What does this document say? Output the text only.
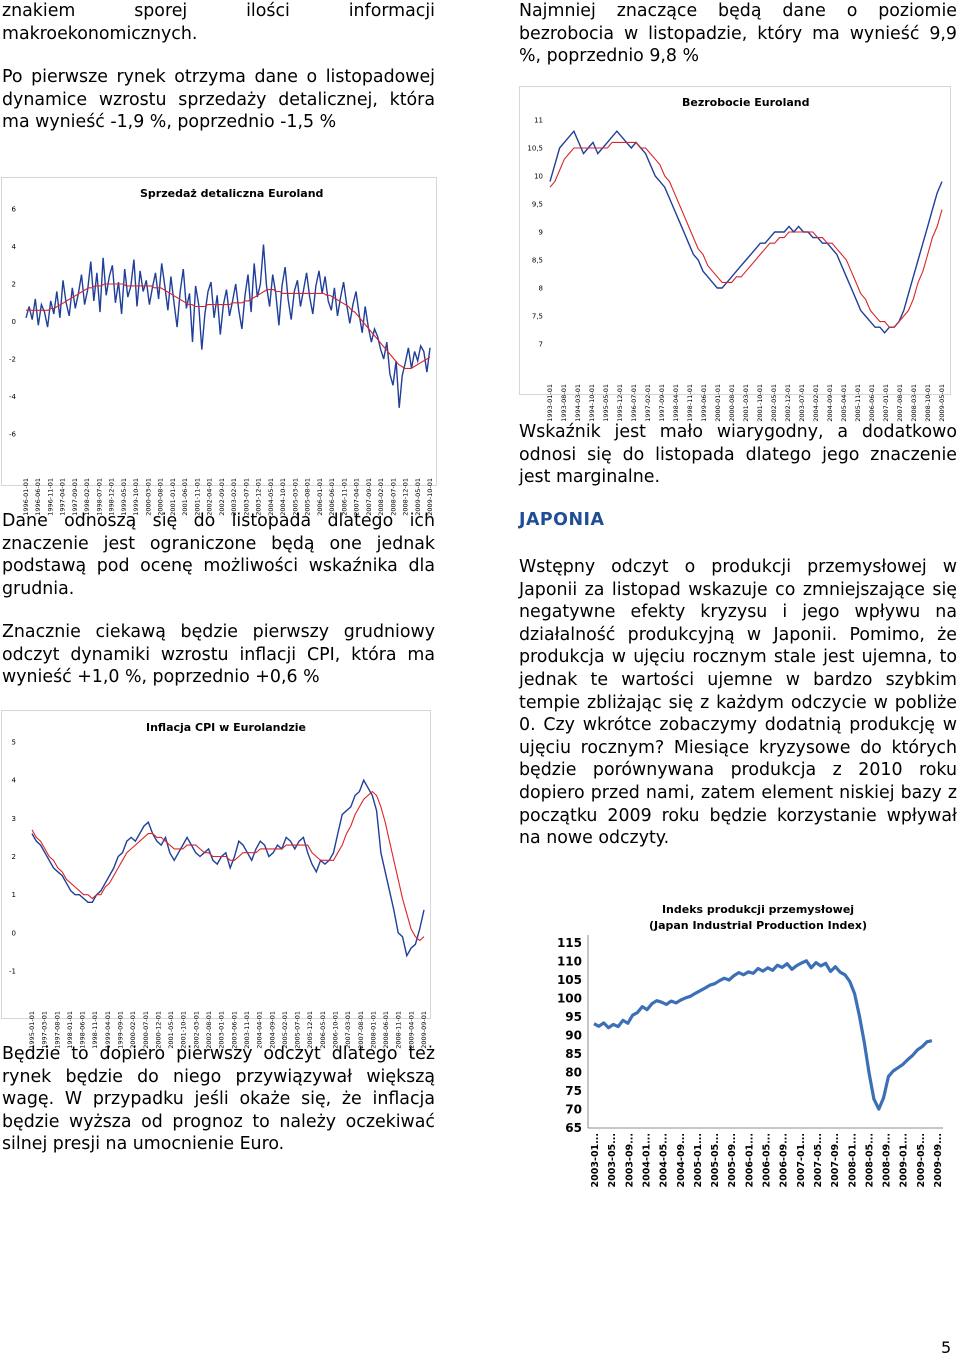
znakiem sporej ilości informacji makroekonomicznych.

Po pierwsze rynek otrzyma dane o listopadowej dynamice wzrostu sprzedaży detalicznej, która ma wynieść -1,9 %, poprzednio -1,5 %

Sprzedaż detaliczna Euroland
6
4
2
0
-2
-4
-6
1996-01-01 1996-06-01 1996-11-01 1997-04-01 1997-09-01 1998-02-01 1998-07-01 1998-12-01 1999-05-01 1999-10-01 2000-03-01 2000-08-01 2001-01-01 2001-06-01 2001-11-01 2002-04-01 2002-09-01 2003-02-01 2003-07-01 2003-12-01 2004-05-01 2004-10-01 2005-03-01 2005-08-01 2006-01-01 2006-06-01 2006-11-01 2007-04-01 2007-09-01 2008-02-01 2008-07-01 2008-12-01 2009-05-01 2009-10-01

Dane odnoszą się do listopada dlatego ich znaczenie jest ograniczone będą one jednak podstawą pod ocenę możliwości wskaźnika dla grudnia.

Znacznie ciekawą będzie pierwszy grudniowy odczyt dynamiki wzrostu inflacji CPI, która ma wynieść +1,0 %, poprzednio +0,6 %

Inflacja CPI w Eurolandzie
5
4
3
2
1
0
-1
1995-01-01 1997-03-01 1997-08-01 1998-01-01 1998-06-01 1998-11-01 1999-04-01 1999-09-01 2000-02-01 2000-07-01 2000-12-01 2001-05-01 2001-10-01 2002-03-01 2002-08-01 2003-01-01 2003-06-01 2003-11-01 2004-04-01 2004-09-01 2005-02-01 2005-07-01 2005-12-01 2006-05-01 2006-10-01 2007-03-01 2007-08-01 2008-01-01 2008-06-01 2008-11-01 2009-04-01 2009-09-01

Będzie to dopiero pierwszy odczyt dlatego też rynek będzie do niego przywiązywał większą wagę. W przypadku jeśli okaże się, że inflacja będzie wyższa od prognoz to należy oczekiwać silnej presji na umocnienie Euro.

Najmniej znaczące będą dane o poziomie bezrobocia w listopadzie, który ma wynieść 9,9 %, poprzednio 9,8 %

Bezrobocie Euroland
11
10,5
10
9,5
9
8,5
8
7,5
7
1993-01-01 1993-08-01 1994-03-01 1994-10-01 1995-05-01 1995-12-01 1996-07-01 1997-02-01 1997-09-01 1998-04-01 1998-11-01 1999-06-01 2000-01-01 2000-08-01 2001-03-01 2001-10-01 2002-05-01 2002-12-01 2003-07-01 2004-02-01 2004-09-01 2005-04-01 2005-11-01 2006-06-01 2007-01-01 2007-08-01 2008-03-01 2008-10-01 2009-05-01

Wskaźnik jest mało wiarygodny, a dodatkowo odnosi się do listopada dlatego jego znaczenie jest marginalne.

JAPONIA

Wstępny odczyt o produkcji przemysłowej w Japonii za listopad wskazuje co zmniejszające się negatywne efekty kryzysu i jego wpływu na działalność produkcyjną w Japonii. Pomimo, że produkcja w ujęciu rocznym stale jest ujemna, to jednak te wartości ujemne w bardzo szybkim tempie zbliżając się z każdym odczycie w pobliże 0. Czy wkrótce zobaczymy dodatnią produkcję w ujęciu rocznym? Miesiące kryzysowe do których będzie porównywana produkcja z 2010 roku dopiero przed nami, zatem element niskiej bazy z początku 2009 roku będzie korzystanie wpływał na nowe odczyty.

Indeks produkcji przemysłowej
(Japan Industrial Production Index)
115
110
105
100
95
90
85
80
75
70
65
2003-01... 2003-05... 2003-09... 2004-01... 2004-05... 2004-09... 2005-01... 2005-05... 2005-09... 2006-01... 2006-05... 2006-09... 2007-01... 2007-05... 2007-09... 2008-01... 2008-05... 2008-09... 2009-01... 2009-05... 2009-09...
5
